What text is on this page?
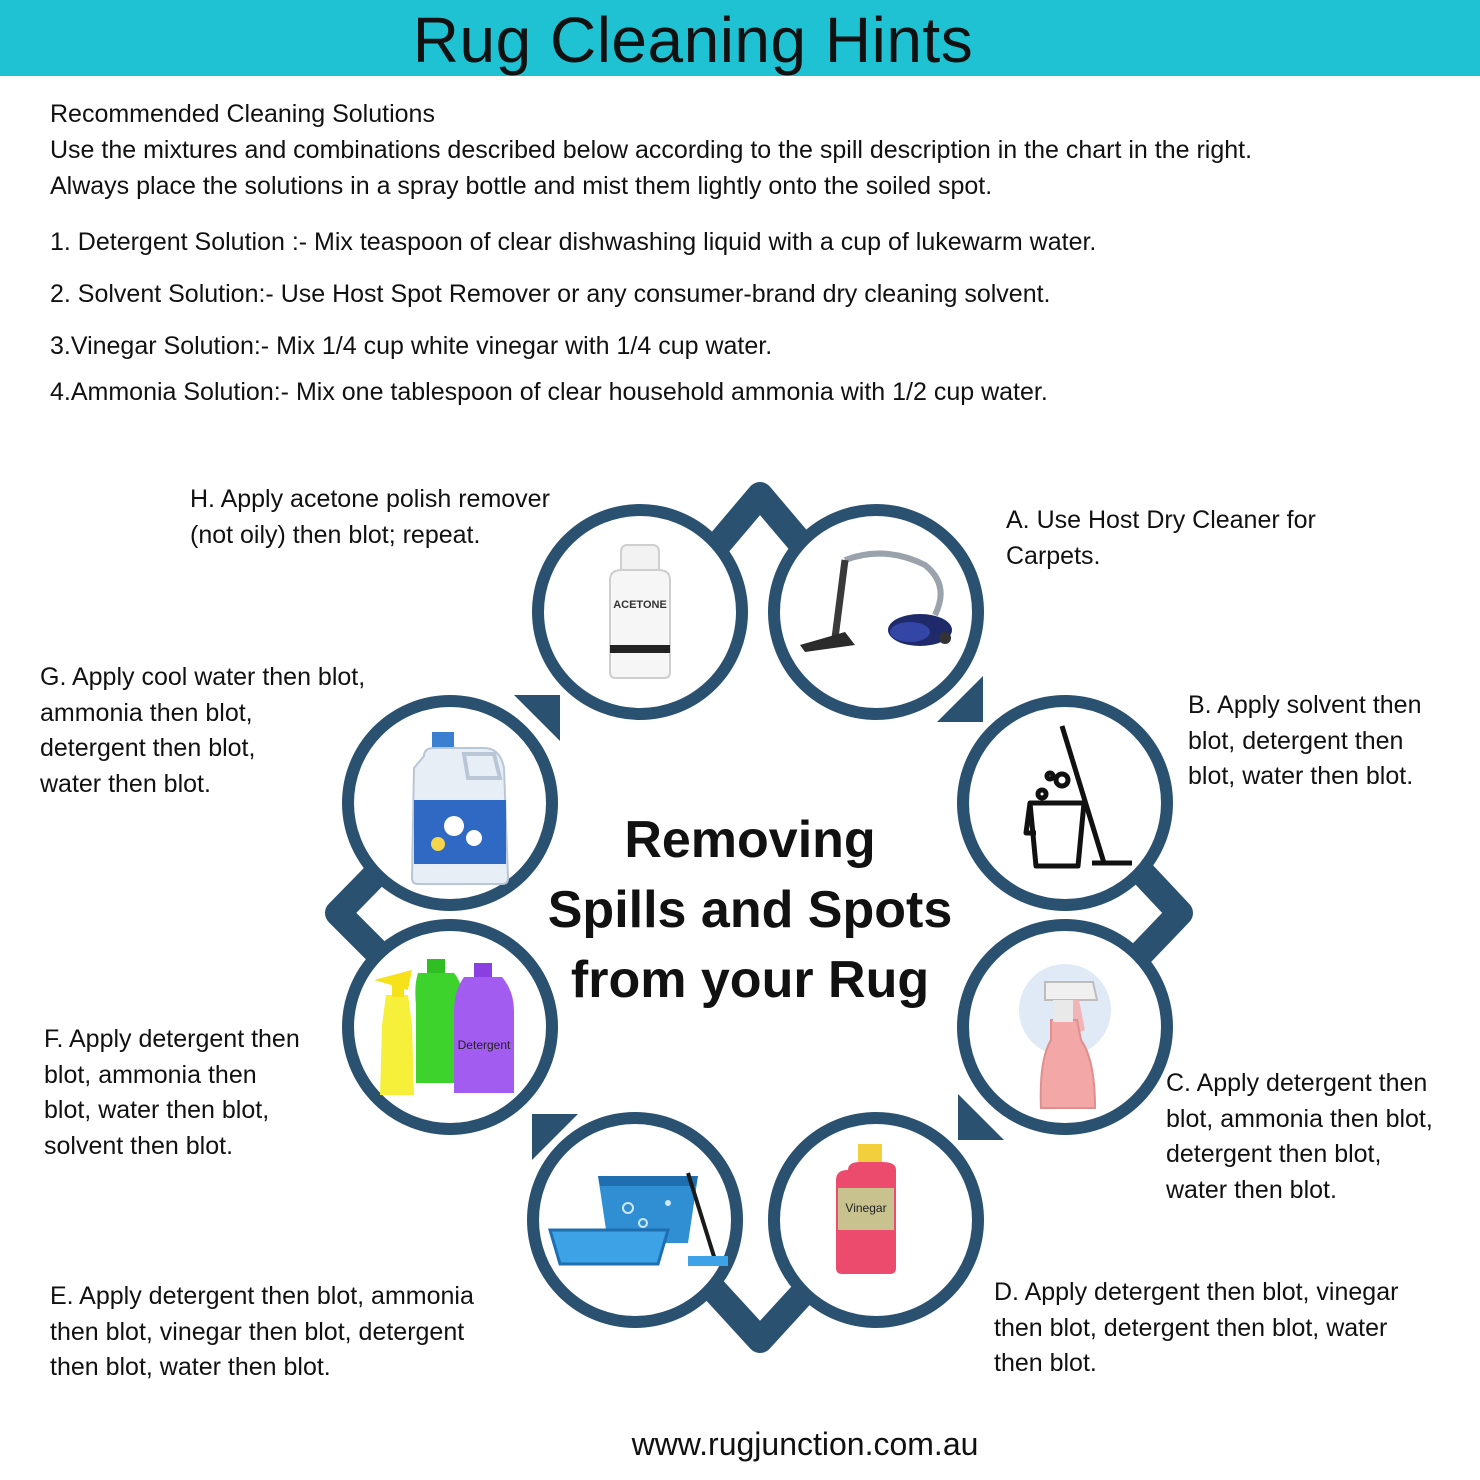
Rug Cleaning Hints
Recommended Cleaning Solutions
Use the mixtures and combinations described below according to the spill description in the chart in the right.
Always place the solutions in a spray bottle and mist them lightly onto the soiled spot.
1. Detergent Solution :- Mix teaspoon of clear dishwashing liquid with a cup of lukewarm water.
2. Solvent Solution:- Use Host Spot Remover or any consumer-brand dry cleaning solvent.
3.Vinegar Solution:- Mix 1/4 cup white vinegar with 1/4 cup water.
4.Ammonia Solution:- Mix one tablespoon of clear household ammonia with 1/2 cup water.
ACETONE
Vinegar
Detergent
Removing
Spills and Spots
from your Rug
H. Apply acetone polish remover
(not oily) then blot; repeat.
A. Use Host Dry Cleaner for
Carpets.
B. Apply solvent then
blot, detergent then
blot, water then blot.
C. Apply detergent then
blot, ammonia then blot,
detergent then blot,
water then blot.
D. Apply detergent then blot, vinegar
then blot, detergent then blot, water
then blot.
E. Apply detergent then blot, ammonia
then blot, vinegar then blot, detergent
then blot, water then blot.
F. Apply detergent then
blot, ammonia then
blot, water then blot,
solvent then blot.
G. Apply cool water then blot,
ammonia then blot,
detergent then blot,
water then blot.
www.rugjunction.com.au
